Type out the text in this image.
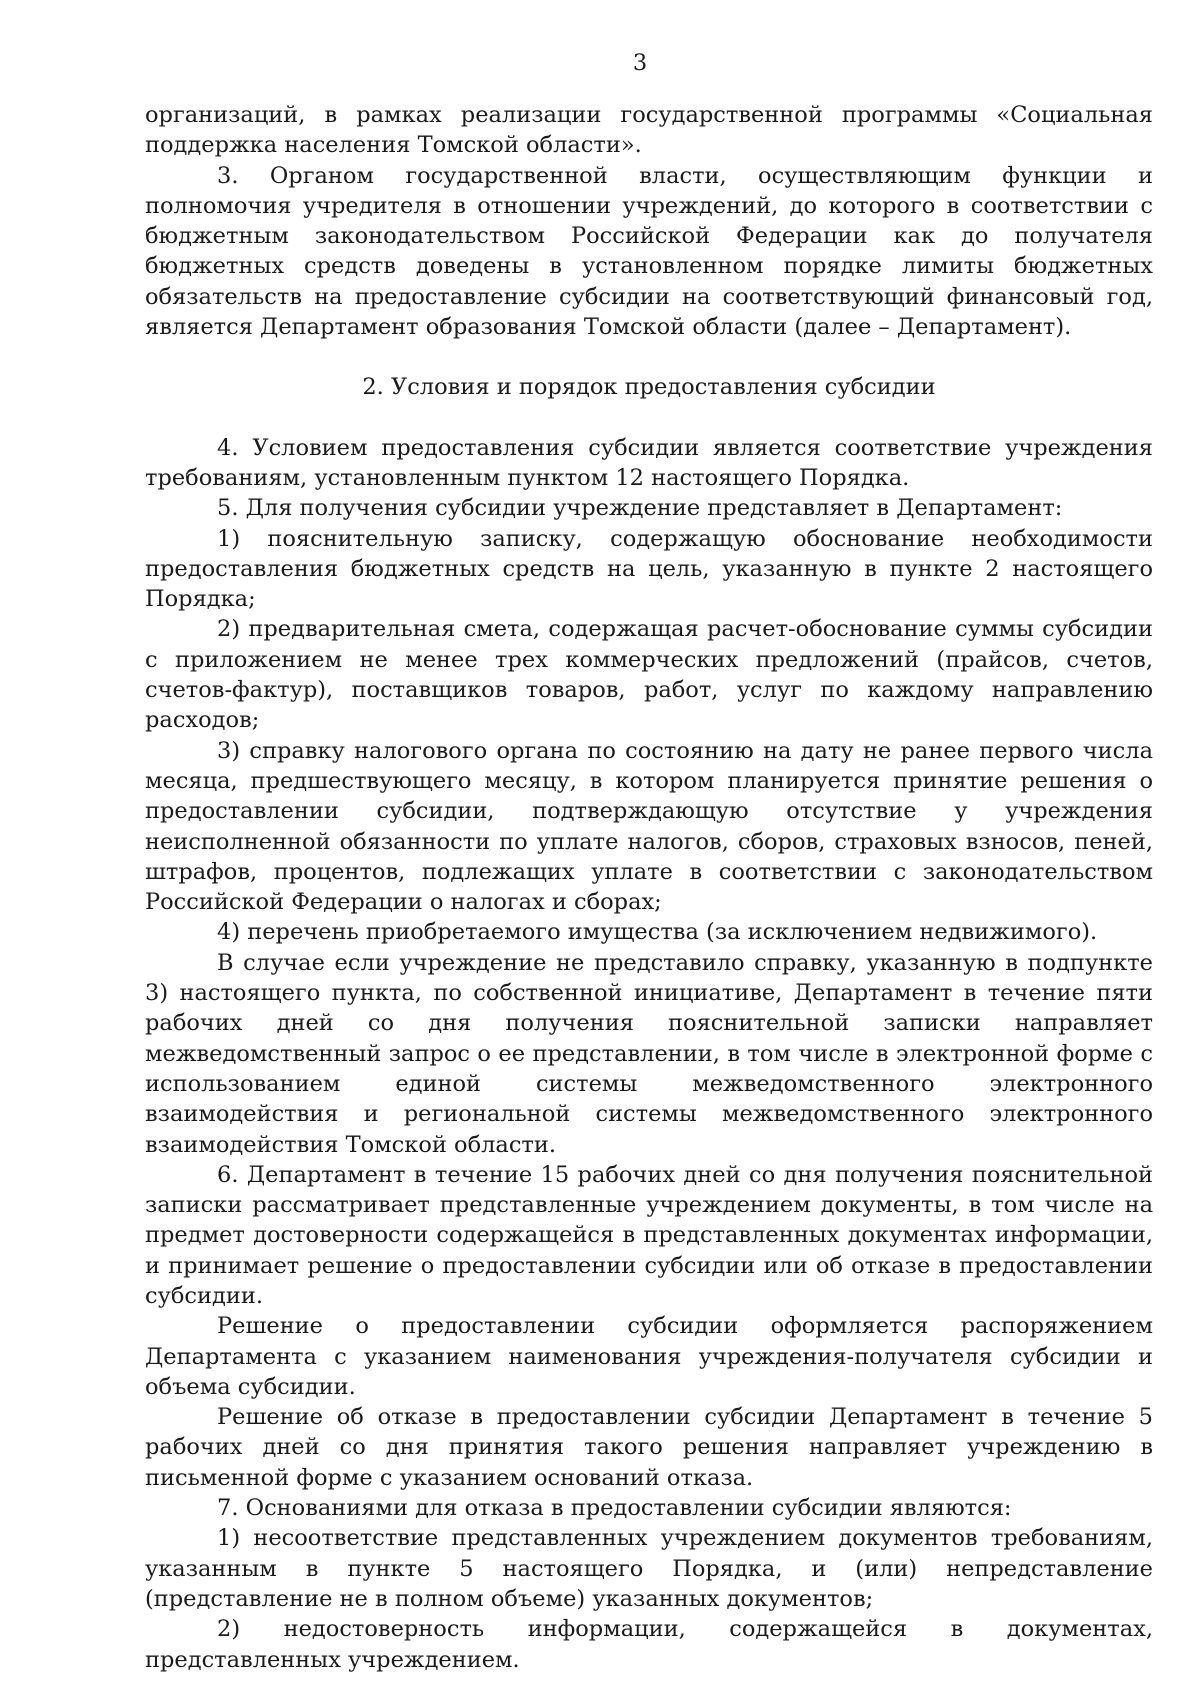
3

организаций, в рамках реализации государственной программы «Социальная поддержка населения Томской области».

3. Органом государственной власти, осуществляющим функции и полномочия учредителя в отношении учреждений, до которого в соответствии с бюджетным законодательством Российской Федерации как до получателя бюджетных средств доведены в установленном порядке лимиты бюджетных обязательств на предоставление субсидии на соответствующий финансовый год, является Департамент образования Томской области (далее – Департамент).

2. Условия и порядок предоставления субсидии

4. Условием предоставления субсидии является соответствие учреждения требованиям, установленным пунктом 12 настоящего Порядка.

5. Для получения субсидии учреждение представляет в Департамент:

1) пояснительную записку, содержащую обоснование необходимости предоставления бюджетных средств на цель, указанную в пункте 2 настоящего Порядка;

2) предварительная смета, содержащая расчет-обоснование суммы субсидии с приложением не менее трех коммерческих предложений (прайсов, счетов, счетов-фактур), поставщиков товаров, работ, услуг по каждому направлению расходов;

3) справку налогового органа по состоянию на дату не ранее первого числа месяца, предшествующего месяцу, в котором планируется принятие решения о предоставлении субсидии, подтверждающую отсутствие у учреждения неисполненной обязанности по уплате налогов, сборов, страховых взносов, пеней, штрафов, процентов, подлежащих уплате в соответствии с законодательством Российской Федерации о налогах и сборах;

4) перечень приобретаемого имущества (за исключением недвижимого).

В случае если учреждение не представило справку, указанную в подпункте 3) настоящего пункта, по собственной инициативе, Департамент в течение пяти рабочих дней со дня получения пояснительной записки направляет межведомственный запрос о ее представлении, в том числе в электронной форме с использованием единой системы межведомственного электронного взаимодействия и региональной системы межведомственного электронного взаимодействия Томской области.

6. Департамент в течение 15 рабочих дней со дня получения пояснительной записки рассматривает представленные учреждением документы, в том числе на предмет достоверности содержащейся в представленных документах информации, и принимает решение о предоставлении субсидии или об отказе в предоставлении субсидии.

Решение о предоставлении субсидии оформляется распоряжением Департамента с указанием наименования учреждения-получателя субсидии и объема субсидии.

Решение об отказе в предоставлении субсидии Департамент в течение 5 рабочих дней со дня принятия такого решения направляет учреждению в письменной форме с указанием оснований отказа.

7. Основаниями для отказа в предоставлении субсидии являются:

1) несоответствие представленных учреждением документов требованиям, указанным в пункте 5 настоящего Порядка, и (или) непредставление (представление не в полном объеме) указанных документов;

2) недостоверность информации, содержащейся в документах, представленных учреждением.
